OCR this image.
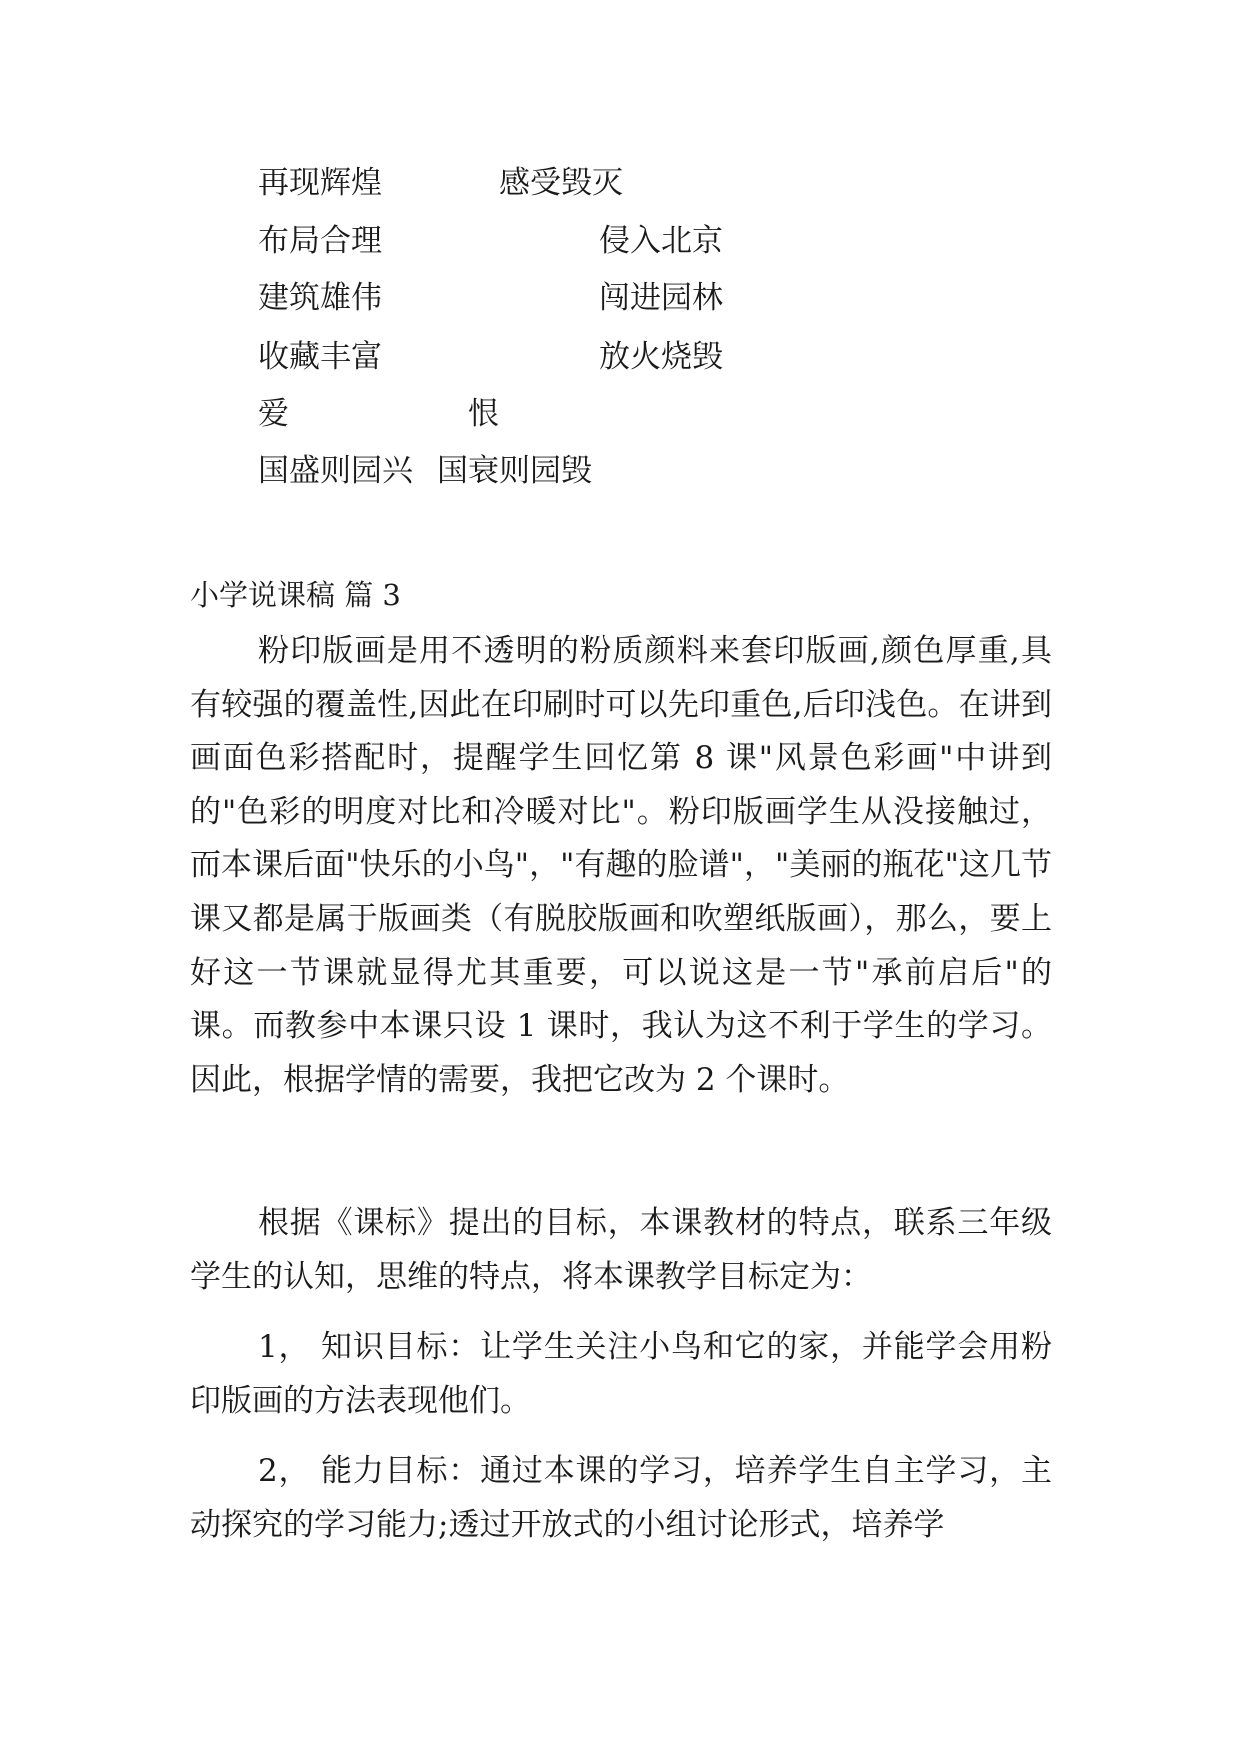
再现辉煌	感受毁灭

布局合理	侵入北京

建筑雄伟	闯进园林

收藏丰富	放火烧毁

爱	恨

国盛则园兴 国衰则园毁

小学说课稿 篇 3

粉印版画是用不透明的粉质颜料来套印版画,颜色厚重,具有较强的覆盖性,因此在印刷时可以先印重色,后印浅色。在讲到画面色彩搭配时，提醒学生回忆第 8 课"风景色彩画"中讲到的"色彩的明度对比和冷暖对比"。粉印版画学生从没接触过，而本课后面"快乐的小鸟"，"有趣的脸谱"，"美丽的瓶花"这几节课又都是属于版画类（有脱胶版画和吹塑纸版画），那么，要上好这一节课就显得尤其重要，可以说这是一节"承前启后"的课。而教参中本课只设 1 课时，我认为这不利于学生的学习。因此，根据学情的需要，我把它改为 2 个课时。

根据《课标》提出的目标，本课教材的特点，联系三年级学生的认知，思维的特点，将本课教学目标定为：

1， 知识目标：让学生关注小鸟和它的家，并能学会用粉印版画的方法表现他们。

2， 能力目标：通过本课的学习，培养学生自主学习，主动探究的学习能力;透过开放式的小组讨论形式，培养学
